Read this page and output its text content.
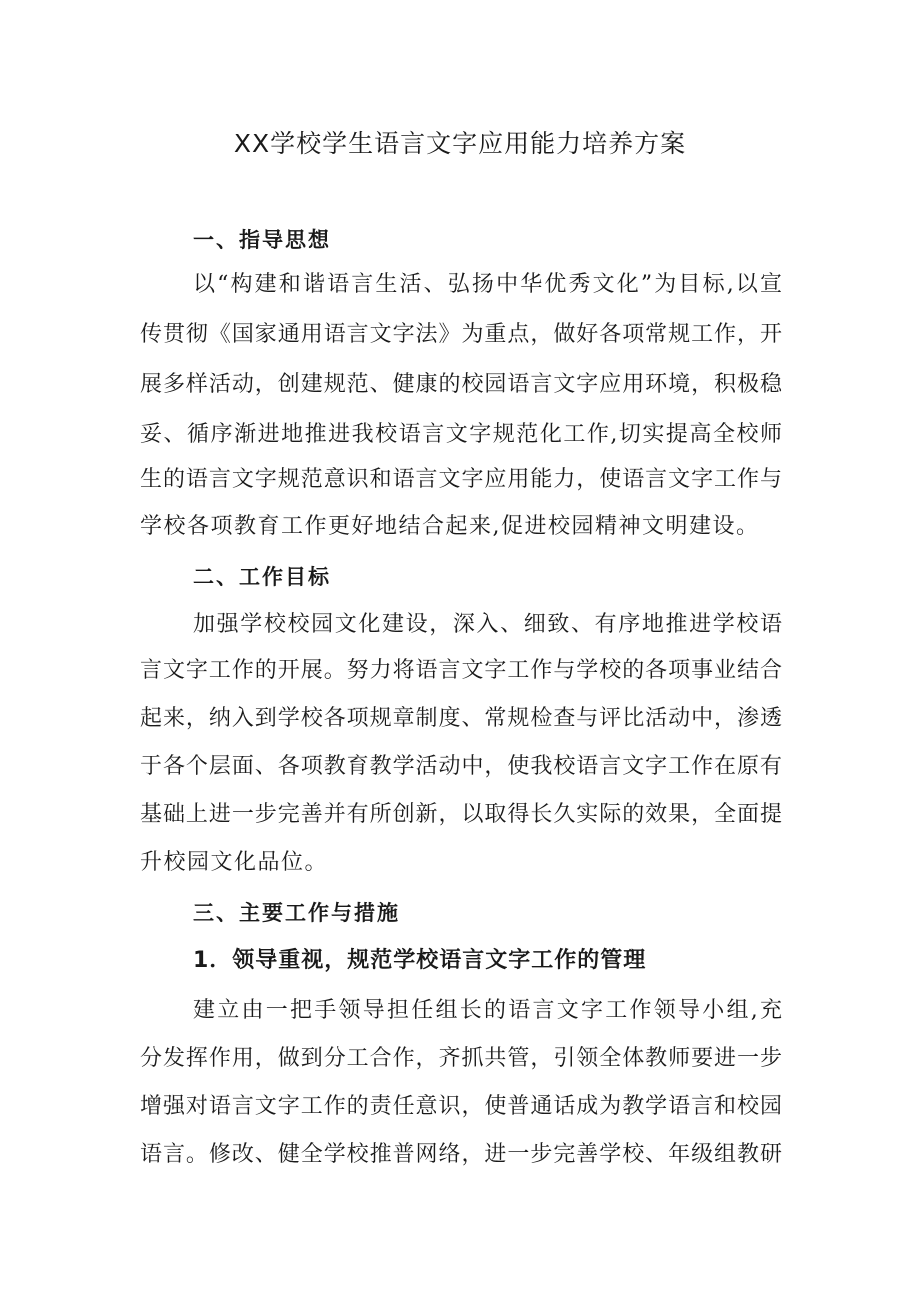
XX学校学生语言文字应用能力培养方案
一、指导思想
以“构建和谐语言生活、弘扬中华优秀文化”为目标,以宣
传贯彻《国家通用语言文字法》为重点，做好各项常规工作，开
展多样活动，创建规范、健康的校园语言文字应用环境，积极稳
妥、循序渐进地推进我校语言文字规范化工作,切实提高全校师
生的语言文字规范意识和语言文字应用能力，使语言文字工作与
学校各项教育工作更好地结合起来,促进校园精神文明建设。
二、工作目标
加强学校校园文化建设，深入、细致、有序地推进学校语
言文字工作的开展。努力将语言文字工作与学校的各项事业结合
起来，纳入到学校各项规章制度、常规检查与评比活动中，渗透
于各个层面、各项教育教学活动中，使我校语言文字工作在原有
基础上进一步完善并有所创新，以取得长久实际的效果，全面提
升校园文化品位。
三、主要工作与措施
1．领导重视，规范学校语言文字工作的管理
建立由一把手领导担任组长的语言文字工作领导小组,充
分发挥作用，做到分工合作，齐抓共管，引领全体教师要进一步
增强对语言文字工作的责任意识，使普通话成为教学语言和校园
语言。修改、健全学校推普网络，进一步完善学校、年级组教研
